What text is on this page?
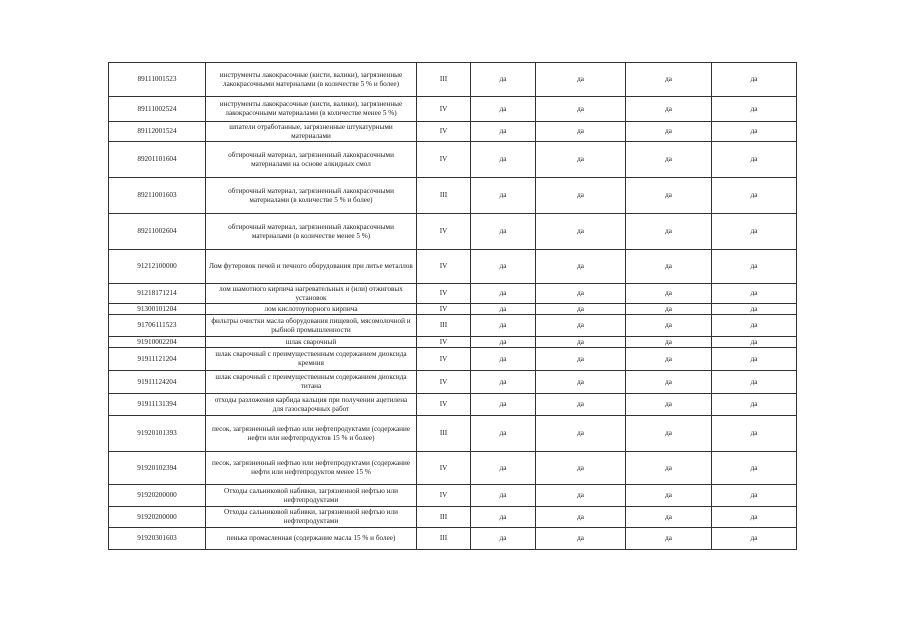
89111001523	инструменты лакокрасочные (кисти, валики), загрязненные лакокрасочными материалами (в количестве 5 % и более)	III	да	да	да	да
89111002524	инструменты лакокрасочные (кисти, валики), загрязненные лакокрасочными материалами (в количестве менее 5 %)	IV	да	да	да	да
89112001524	шпатели отработанные, загрязненные штукатурными материалами	IV	да	да	да	да
89201101604	обтирочный материал, загрязненный лакокрасочными материалами на основе алкидных смол	IV	да	да	да	да
89211001603	обтирочный материал, загрязненный лакокрасочными материалами (в количестве 5 % и более)	III	да	да	да	да
89211002604	обтирочный материал, загрязненный лакокрасочными материалами (в количестве менее 5 %)	IV	да	да	да	да
91212100000	Лом футеровок печей и печного оборудования при литье металлов	IV	да	да	да	да
91218171214	лом шамотного кирпича нагревательных и (или) отжиговых установок	IV	да	да	да	да
91300101204	лом кислотоупорного кирпича	IV	да	да	да	да
91706111523	фильтры очистки масла оборудования пищевой, мясомолочной и рыбной промышленности	III	да	да	да	да
91910002204	шлак сварочный	IV	да	да	да	да
91911121204	шлак сварочный с преимущественным содержанием диоксида кремния	IV	да	да	да	да
91911124204	шлак сварочный с преимущественным содержанием диоксида титана	IV	да	да	да	да
91911131394	отходы разложения карбида кальция при получении ацетилена для газосварочных работ	IV	да	да	да	да
91920101393	песок, загрязненный нефтью или нефтепродуктами (содержание нефти или нефтепродуктов 15 % и более)	III	да	да	да	да
91920102394	песок, загрязненный нефтью или нефтепродуктами (содержание нефти или нефтепродуктов менее 15 %	IV	да	да	да	да
91920200000	Отходы сальниковой набивки, загрязненной нефтью или нефтепродуктами	IV	да	да	да	да
91920200000	Отходы сальниковой набивки, загрязненной нефтью или нефтепродуктами	III	да	да	да	да
91920301603	пенька промасленная (содержание масла 15 % и более)	III	да	да	да	да
